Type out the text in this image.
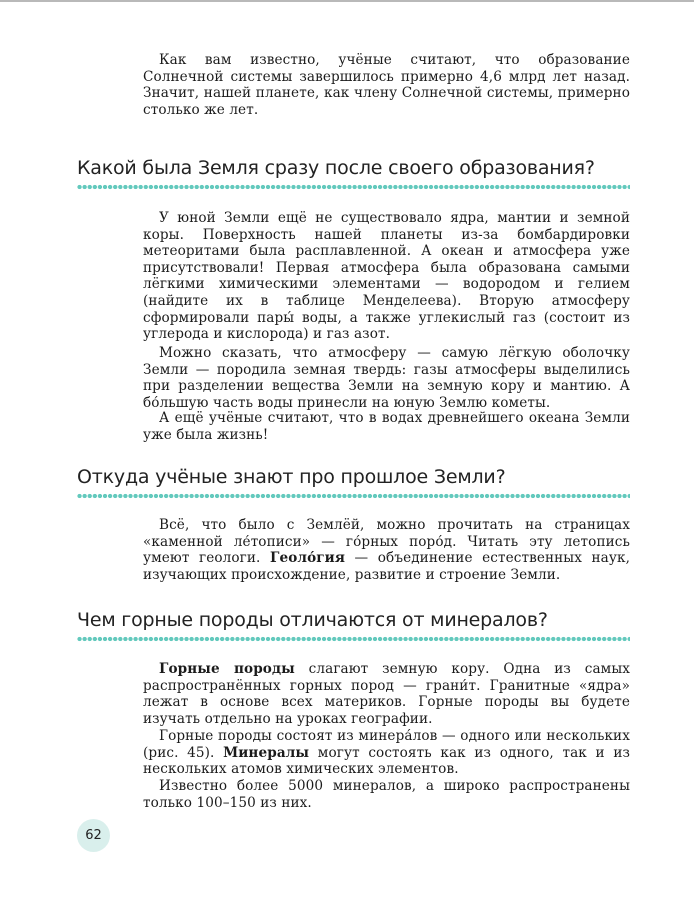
Как вам известно, учёные считают, что образование Солнечной системы завершилось примерно 4,6 млрд лет назад. Значит, нашей планете, как члену Солнечной системы, примерно столько же лет.

Какой была Земля сразу после своего образования?

У юной Земли ещё не существовало ядра, мантии и земной коры. Поверхность нашей планеты из-за бомбардировки метеоритами была расплавленной. А океан и атмосфера уже присутствовали! Первая атмосфера была образована самыми лёгкими химическими элементами — водородом и гелием (найдите их в таблице Менделеева). Вторую атмосферу сформировали пары́ воды, а также углекислый газ (состоит из углерода и кислорода) и газ азот.

Можно сказать, что атмосферу — самую лёгкую оболочку Земли — породила земная твердь: газы атмосферы выделились при разделении вещества Земли на земную кору и мантию. А бо́льшую часть воды принесли на юную Землю кометы.

А ещё учёные считают, что в водах древнейшего океана Земли уже была жизнь!

Откуда учёные знают про прошлое Земли?

Всё, что было с Землёй, можно прочитать на страницах «каменной ле́тописи» — го́рных поро́д. Читать эту летопись умеют геологи. Геоло́гия — объединение естественных наук, изучающих происхождение, развитие и строение Земли.

Чем горные породы отличаются от минералов?

Горные породы слагают земную кору. Одна из самых распространённых горных пород — грани́т. Гранитные «ядра» лежат в основе всех материков. Горные породы вы будете изучать отдельно на уроках географии.

Горные породы состоят из минера́лов — одного или нескольких (рис. 45). Минералы могут состоять как из одного, так и из нескольких атомов химических элементов.

Известно более 5000 минералов, а широко распространены только 100–150 из них.

62
